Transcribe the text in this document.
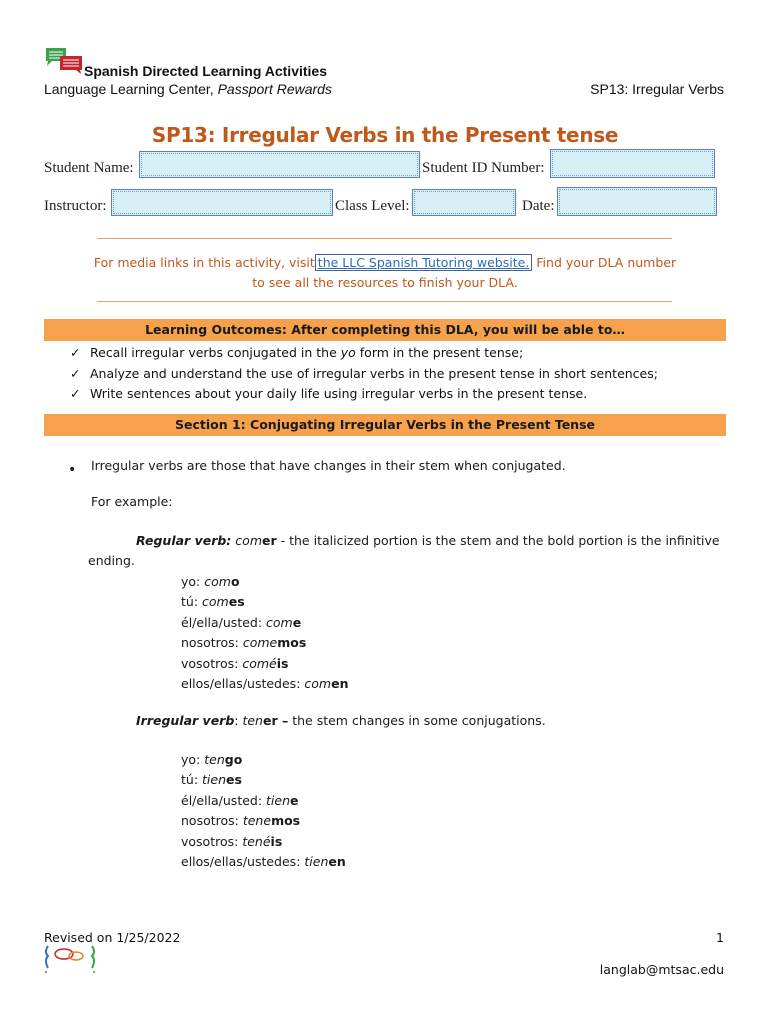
Spanish Directed Learning Activities
Language Learning Center, Passport Rewards	SP13: Irregular Verbs
SP13: Irregular Verbs in the Present tense
Student Name:	Student ID Number:
Instructor:	Class Level:	Date:
For media links in this activity, visit the LLC Spanish Tutoring website. Find your DLA number
to see all the resources to finish your DLA.
Learning Outcomes: After completing this DLA, you will be able to…
✓ Recall irregular verbs conjugated in the yo form in the present tense;
✓ Analyze and understand the use of irregular verbs in the present tense in short sentences;
✓ Write sentences about your daily life using irregular verbs in the present tense.
Section 1: Conjugating Irregular Verbs in the Present Tense
• Irregular verbs are those that have changes in their stem when conjugated.
For example:
Regular verb: comer - the italicized portion is the stem and the bold portion is the infinitive
ending.
yo: como
tú: comes
él/ella/usted: come
nosotros: comemos
vosotros: coméis
ellos/ellas/ustedes: comen
Irregular verb: tener – the stem changes in some conjugations.
yo: tengo
tú: tienes
él/ella/usted: tiene
nosotros: tenemos
vosotros: tenéis
ellos/ellas/ustedes: tienen
Revised on 1/25/2022	1
langlab@mtsac.edu
